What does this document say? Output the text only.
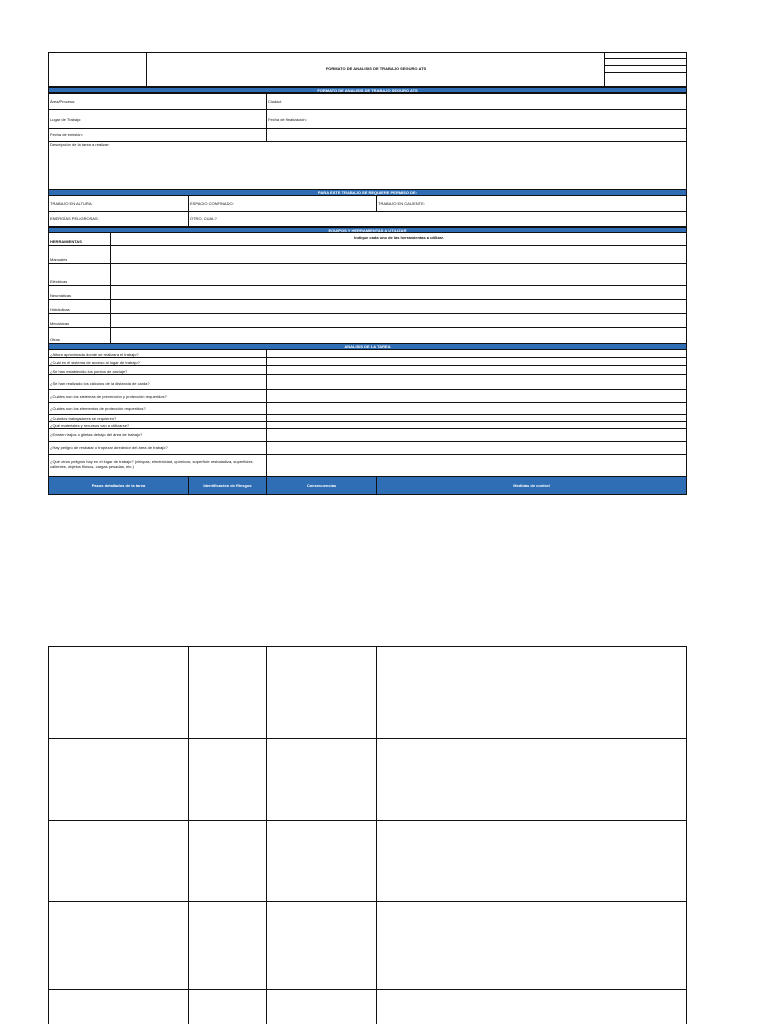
FORMATO DE ANALISIS DE TRABAJO SEGURO ATS
FORMATO DE ANALISIS DE TRABAJO SEGURO ATS
Área/Proceso:	Ciudad:
Lugar de Trabajo:	Fecha de finalización:
Fecha de emisión:
Descripción de la tarea a realizar:
PARA ESTE TRABAJO SE REQUIERE PERMISO DE:
TRABAJO EN ALTURA:	ESPACIO CONFINADO:	TRABAJO EN CALIENTE:
ENERGÍAS PELIGROSAS:	OTRO, CUAL?
EQUIPOS Y HERRAMIENTAS A UTILIZAR
HERRAMIENTAS
Indique cada uno de las herramientas a utilizar.
Manuales
Eléctricas
Neumáticas
Hidráulicas
Mecánicas
Otras
ANALISIS DE LA TAREA
¿Altura aproximada donde se realizara el trabajo?
¿Cuál es el sistema de acceso al lugar de trabajo?
¿Se han establecido los puntos de anclaje?
¿Se han realizado los cálculos de la distancia de caída?
¿Cuáles son los sistemas de prevención y protección requeridos?
¿Cuáles son los elementos de protección requeridos?
¿Cuántos trabajadores se requieren?
¿Qué materiales y recursos van a utilizarse?
¿Existen trajos o glietas debajo del área de trabajo?
¿Hay peligro de resbalar o tropezar alrededor del área de trabajo?
¿Qué otros peligros hay en el lugar de trabajo? (chispas, electricidad, químicos, superficie resbaladiza, superficies calientes, objetos filosos, cargas pesadas, etc.)
Pasos detallados de la tarea	Identificación de Riesgos	Consecuencias	Medidas de control
